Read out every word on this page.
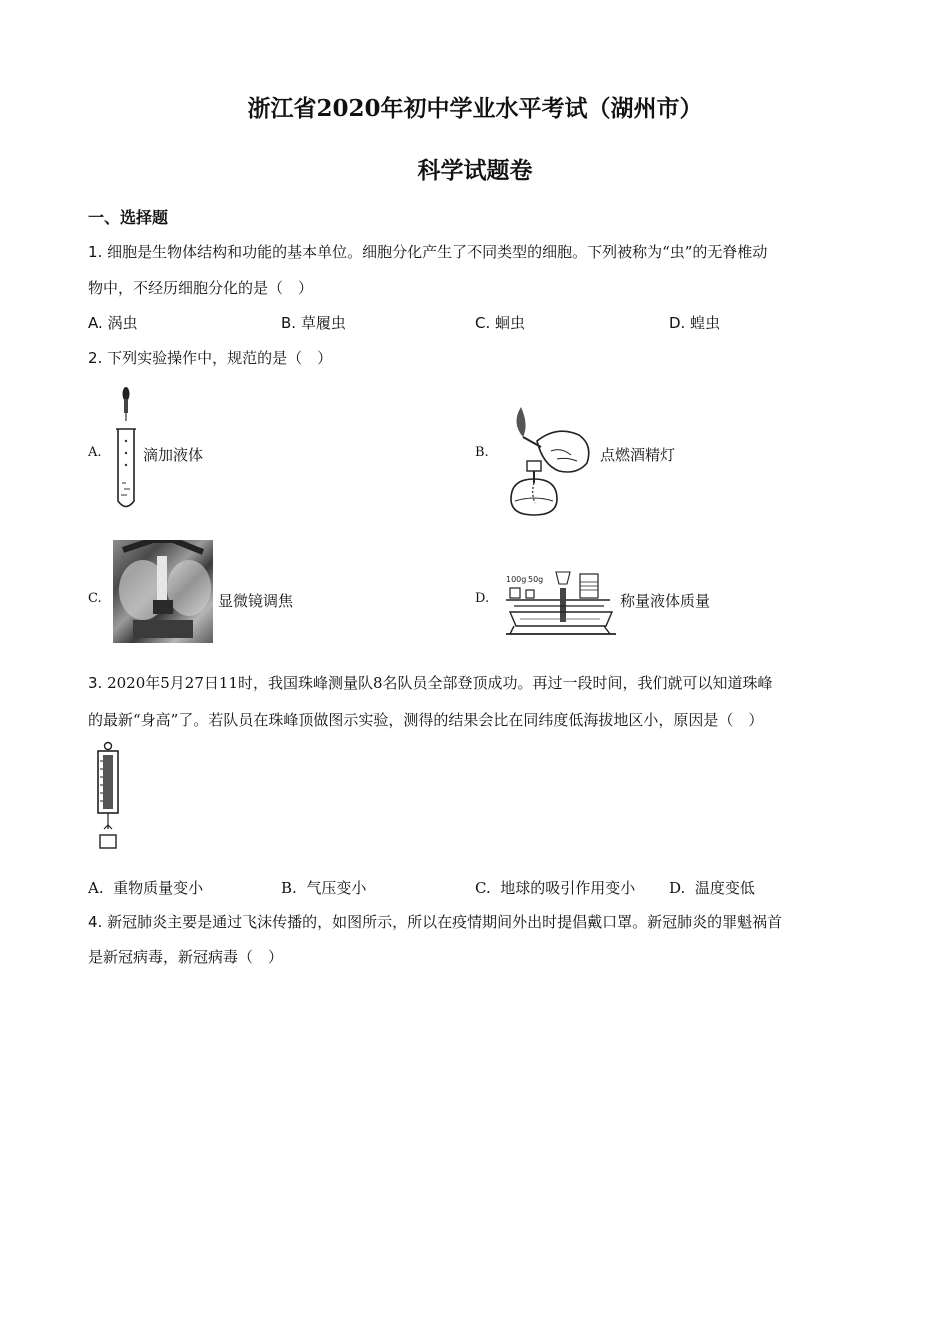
浙江省2020年初中学业水平考试（湖州市）
科学试题卷
一、选择题
1. 细胞是生物体结构和功能的基本单位。细胞分化产生了不同类型的细胞。下列被称为“虫”的无脊椎动
物中，不经历细胞分化的是（　）
A. 涡虫	B. 草履虫	C. 蛔虫	D. 蝗虫
2. 下列实验操作中，规范的是（　）
A.	滴加液体	B.	点燃酒精灯
C.	显微镜调焦	D.
100g 50g
称量液体质量
3. 2020年5月27日11时，我国珠峰测量队8名队员全部登顶成功。再过一段时间，我们就可以知道珠峰
的最新“身高”了。若队员在珠峰顶做图示实验，测得的结果会比在同纬度低海拔地区小，原因是（　）
A. 重物质量变小	B. 气压变小	C. 地球的吸引作用变小 D. 温度变低
4. 新冠肺炎主要是通过飞沫传播的，如图所示，所以在疫情期间外出时提倡戴口罩。新冠肺炎的罪魁祸首
是新冠病毒，新冠病毒（　）
